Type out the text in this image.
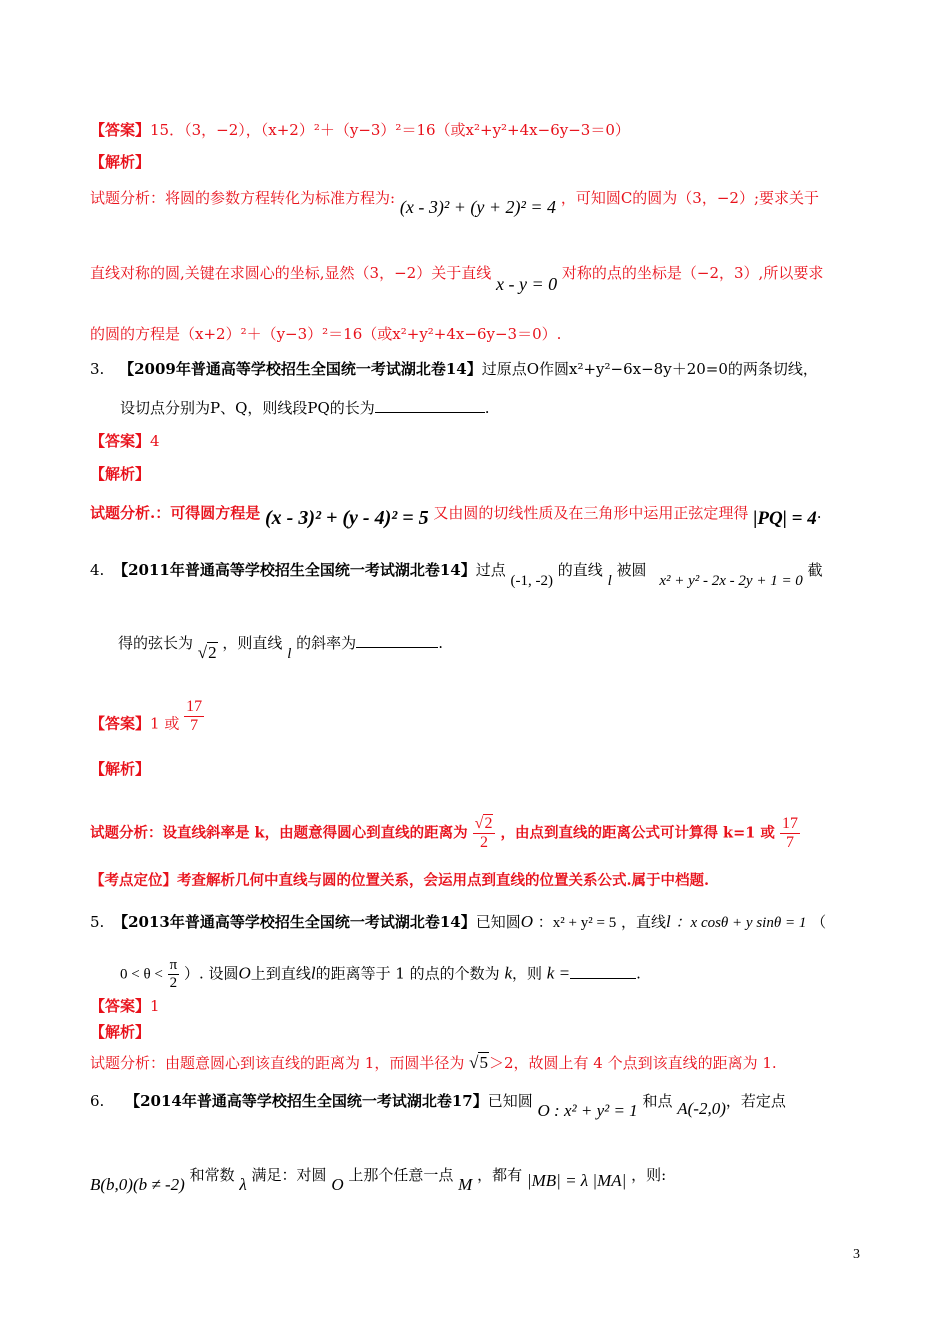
【答案】15．（3，−2），（x+2）²＋（y−3）²＝16（或x²+y²+4x−6y−3＝0）
【解析】
试题分析：将圆的参数方程转化为标准方程为: (x - 3)² + (y + 2)² = 4 ，可知圆C的圆为（3，−2）;要求关于
直线对称的圆,关键在求圆心的坐标,显然（3，−2）关于直线 x - y = 0 对称的点的坐标是（−2，3）,所以要求
的圆的方程是（x+2）²＋（y−3）²＝16（或x²+y²+4x−6y−3＝0）.
3. 【2009年普通高等学校招生全国统一考试湖北卷14】过原点O作圆x²+y²−6x−8y＋20=0的两条切线，
设切点分别为P、Q，则线段PQ的长为	.
【答案】4
【解析】
试题分析.：可得圆方程是 (x - 3)² + (y - 4)² = 5 又由圆的切线性质及在三角形中运用正弦定理得 |PQ| = 4.
4. 【2011年普通高等学校招生全国统一考试湖北卷14】过点 (-1, -2) 的直线 l 被圆 x² + y² - 2x - 2y + 1 = 0 截
得的弦长为 √2 ，则直线 l 的斜率为	.
【答案】1 或 $\frac{17}{7}$
【解析】
试题分析：设直线斜率是 k，由题意得圆心到直线的距离为 $\frac{√2}{2}$ ，由点到直线的距离公式可计算得 k=1 或 $\frac{17}{7}$
【考点定位】考查解析几何中直线与圆的位置关系，会运用点到直线的位置关系公式.属于中档题.
5. 【2013年普通高等学校招生全国统一考试湖北卷14】已知圆O ：x² + y² = 5 ，直线l ：x cosθ + y sinθ = 1 （
$0 < \theta < \frac{\pi}{2}$ ）. 设圆O上到直线l的距离等于 1 的点的个数为 k，则 k =	.
【答案】1
【解析】
试题分析：由题意圆心到该直线的距离为 1，而圆半径为 √5＞2，故圆上有 4 个点到该直线的距离为 1.
6. 【2014年普通高等学校招生全国统一考试湖北卷17】已知圆 O : x² + y² = 1 和点 A(-2,0)，若定点
B(b,0)(b ≠ -2) 和常数 λ 满足：对圆 O 上那个任意一点 M ，都有 |MB| = λ |MA| ，则:
3
